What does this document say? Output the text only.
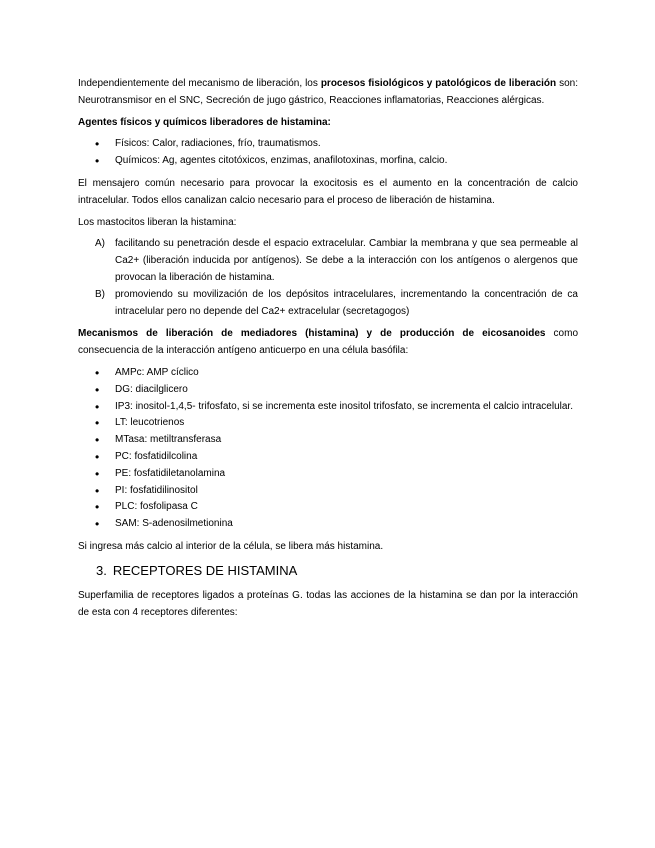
Independientemente del mecanismo de liberación, los procesos fisiológicos y patológicos de liberación son: Neurotransmisor en el SNC, Secreción de jugo gástrico, Reacciones inflamatorias, Reacciones alérgicas.

Agentes físicos y químicos liberadores de histamina:

• Físicos: Calor, radiaciones, frío, traumatismos.
• Químicos: Ag, agentes citotóxicos, enzimas, anafilotoxinas, morfina, calcio.

El mensajero común necesario para provocar la exocitosis es el aumento en la concentración de calcio intracelular. Todos ellos canalizan calcio necesario para el proceso de liberación de histamina.

Los mastocitos liberan la histamina:

A) facilitando su penetración desde el espacio extracelular. Cambiar la membrana y que sea permeable al Ca2+ (liberación inducida por antígenos). Se debe a la interacción con los antígenos o alergenos que provocan la liberación de histamina.
B) promoviendo su movilización de los depósitos intracelulares, incrementando la concentración de ca intracelular pero no depende del Ca2+ extracelular (secretagogos)

Mecanismos de liberación de mediadores (histamina) y de producción de eicosanoides como consecuencia de la interacción antígeno anticuerpo en una célula basófila:

• AMPc: AMP cíclico
• DG: diacilglicero
• IP3: inositol-1,4,5- trifosfato, si se incrementa este inositol trifosfato, se incrementa el calcio intracelular.
• LT: leucotrienos
• MTasa: metiltransferasa
• PC: fosfatidilcolina
• PE: fosfatidiletanolamina
• PI: fosfatidilinositol
• PLC: fosfolipasa C
• SAM: S-adenosilmetionina

Si ingresa más calcio al interior de la célula, se libera más histamina.

3. RECEPTORES DE HISTAMINA

Superfamilia de receptores ligados a proteínas G. todas las acciones de la histamina se dan por la interacción de esta con 4 receptores diferentes:
